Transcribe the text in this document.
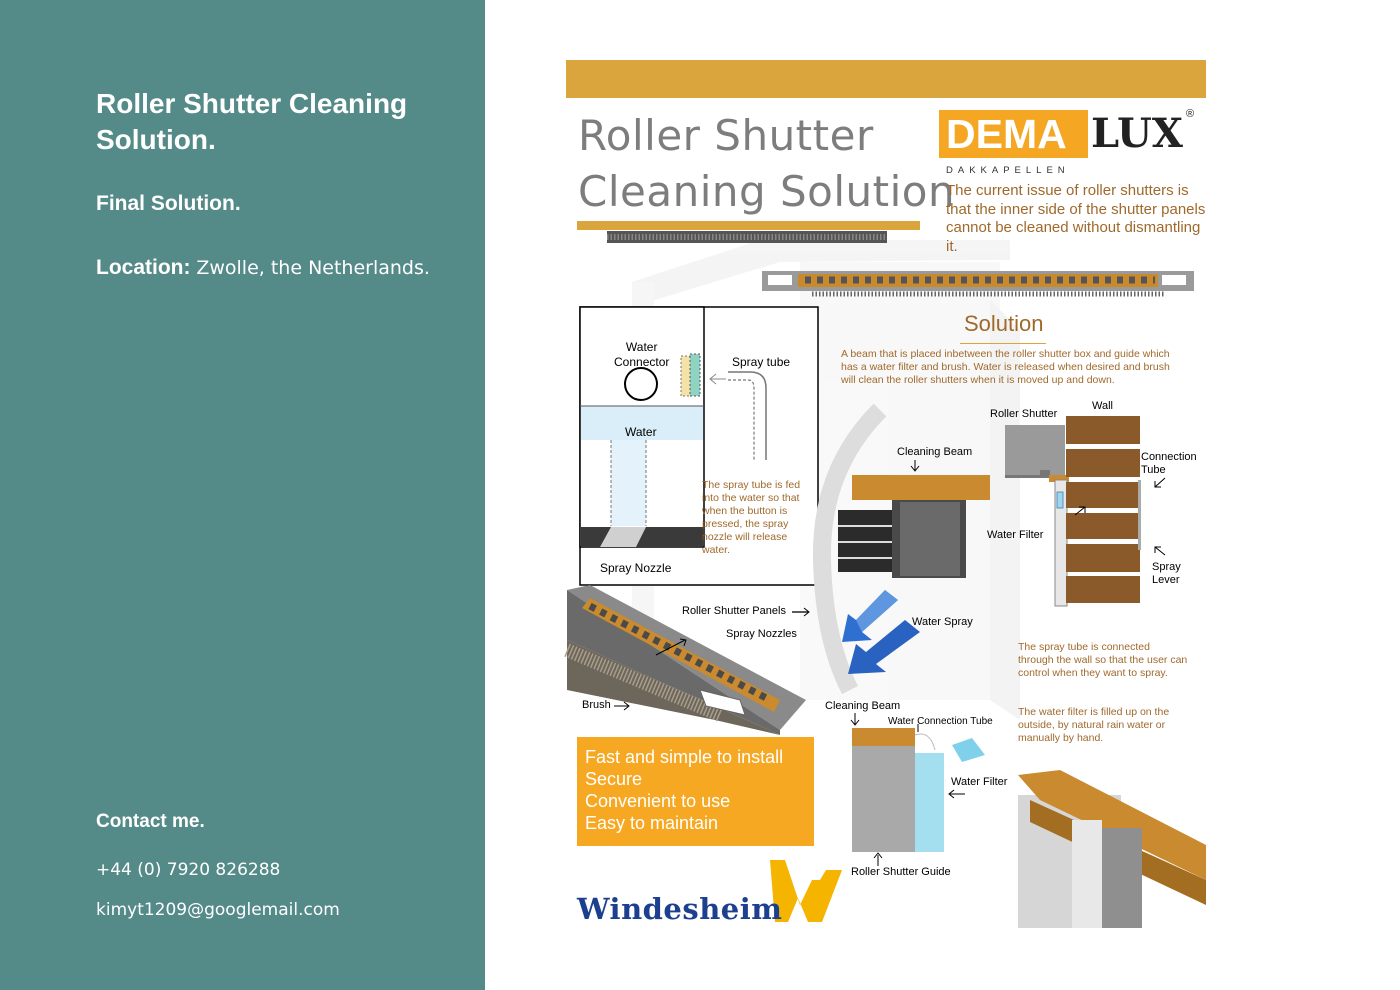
Roller Shutter Cleaning Solution.
Final Solution.

Location: Zwolle, the Netherlands.

Contact me.
+44 (0) 7920 826288
kimyt1209@googlemail.com
Roller Shutter
Cleaning Solution
DEMA LUX ®
DAKKAPELLEN
The current issue of roller shutters is that the inner side of the shutter panels cannot be cleaned without dismantling it.
Solution
A beam that is placed inbetween the roller shutter box and guide which has a water filter and brush. Water is released when desired and brush will clean the roller shutters when it is moved up and down.
Water
Connector	Spray tube
Water
Spray Nozzle
The spray tube is fed into the water so that when the button is pressed, the spray nozzle will release water.
Cleaning Beam
Roller Shutter
Wall
Connection
Tube
Water Filter
Spray
Lever
Roller Shutter Panels
Spray Nozzles
Water Spray
Brush	Cleaning Beam
Water Connection Tube
Water Filter
Roller Shutter Guide
The spray tube is connected through the wall so that the user can control when they want to spray.
The water filter is filled up on the outside, by natural rain water or manually by hand.
Fast and simple to install
Secure
Convenient to use
Easy to maintain
Windesheim
